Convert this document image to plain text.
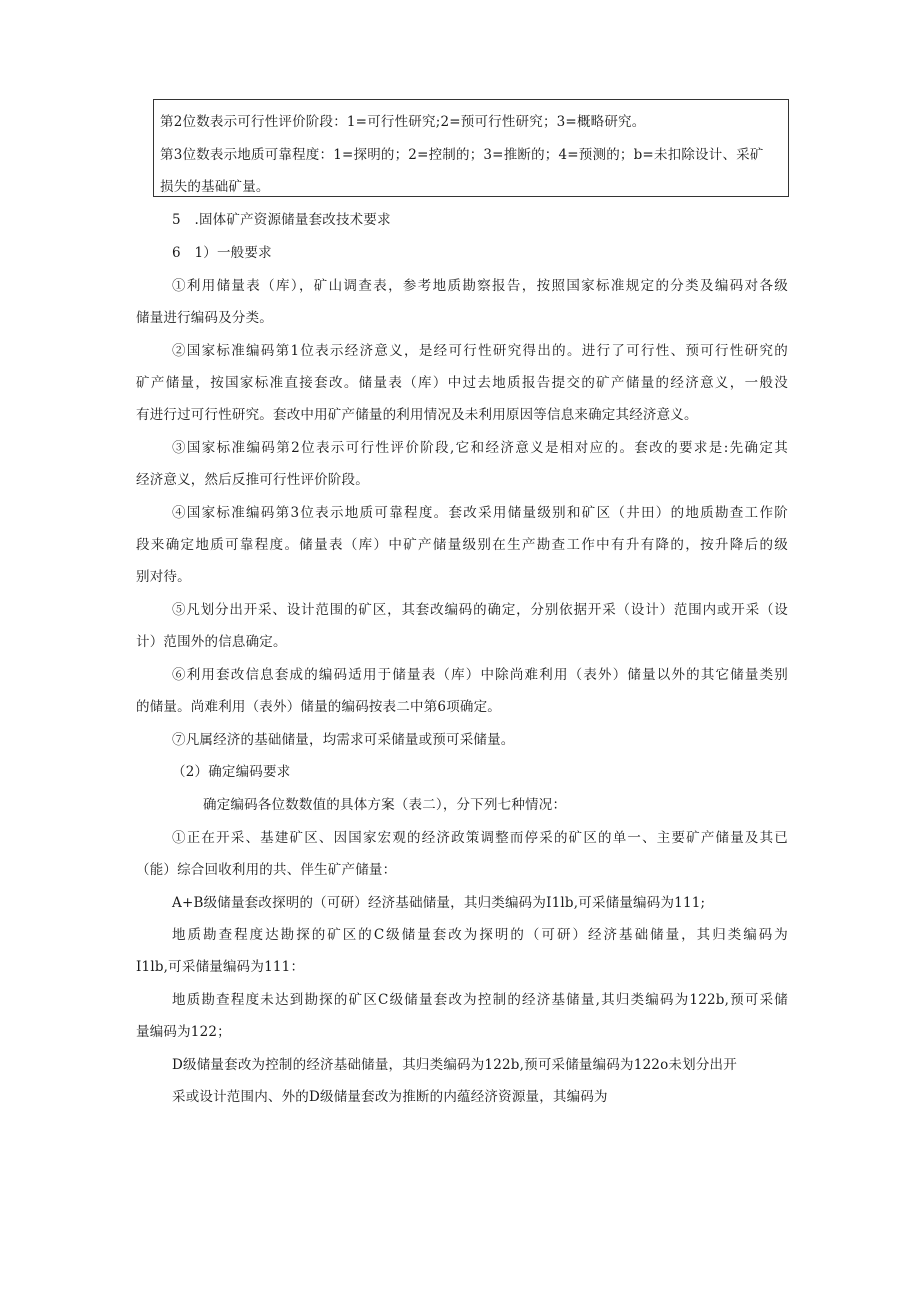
第2位数表示可行性评价阶段：1=可行性研究;2=预可行性研究；3=概略研究。
第3位数表示地质可靠程度：1=探明的；2=控制的；3=推断的；4=预测的；b=未扣除设计、采矿
损失的基础矿量。
5　.固体矿产资源储量套改技术要求
6　1）一般要求
①利用储量表（库），矿山调查表，参考地质勘察报告，按照国家标准规定的分类及编码对各级
储量进行编码及分类。
②国家标准编码第1位表示经济意义，是经可行性研究得出的。进行了可行性、预可行性研究的
矿产储量，按国家标准直接套改。储量表（库）中过去地质报告提交的矿产储量的经济意义，一般没
有进行过可行性研究。套改中用矿产储量的利用情况及未利用原因等信息来确定其经济意义。
③国家标准编码第2位表示可行性评价阶段,它和经济意义是相对应的。套改的要求是:先确定其
经济意义，然后反推可行性评价阶段。
④国家标准编码第3位表示地质可靠程度。套改采用储量级别和矿区（井田）的地质勘查工作阶
段来确定地质可靠程度。储量表（库）中矿产储量级别在生产勘查工作中有升有降的，按升降后的级
别对待。
⑤凡划分出开采、设计范围的矿区，其套改编码的确定，分别依据开采（设计）范围内或开采（设
计）范围外的信息确定。
⑥利用套改信息套成的编码适用于储量表（库）中除尚难利用（表外）储量以外的其它储量类别
的储量。尚难利用（表外）储量的编码按表二中第6项确定。
⑦凡属经济的基础储量，均需求可采储量或预可采储量。
（2）确定编码要求
确定编码各位数数值的具体方案（表二），分下列七种情况：
①正在开采、基建矿区、因国家宏观的经济政策调整而停采的矿区的单一、主要矿产储量及其已
（能）综合回收利用的共、伴生矿产储量：
A+B级储量套改探明的（可研）经济基础储量，其归类编码为I1lb,可采储量编码为111;
地质勘查程度达勘探的矿区的C级储量套改为探明的（可研）经济基础储量，其归类编码为
I1lb,可采储量编码为111：
地质勘查程度未达到勘探的矿区C级储量套改为控制的经济基储量,其归类编码为122b,预可采储
量编码为122；
D级储量套改为控制的经济基础储量，其归类编码为122b,预可采储量编码为122o未划分出开
采或设计范围内、外的D级储量套改为推断的内蕴经济资源量，其编码为
